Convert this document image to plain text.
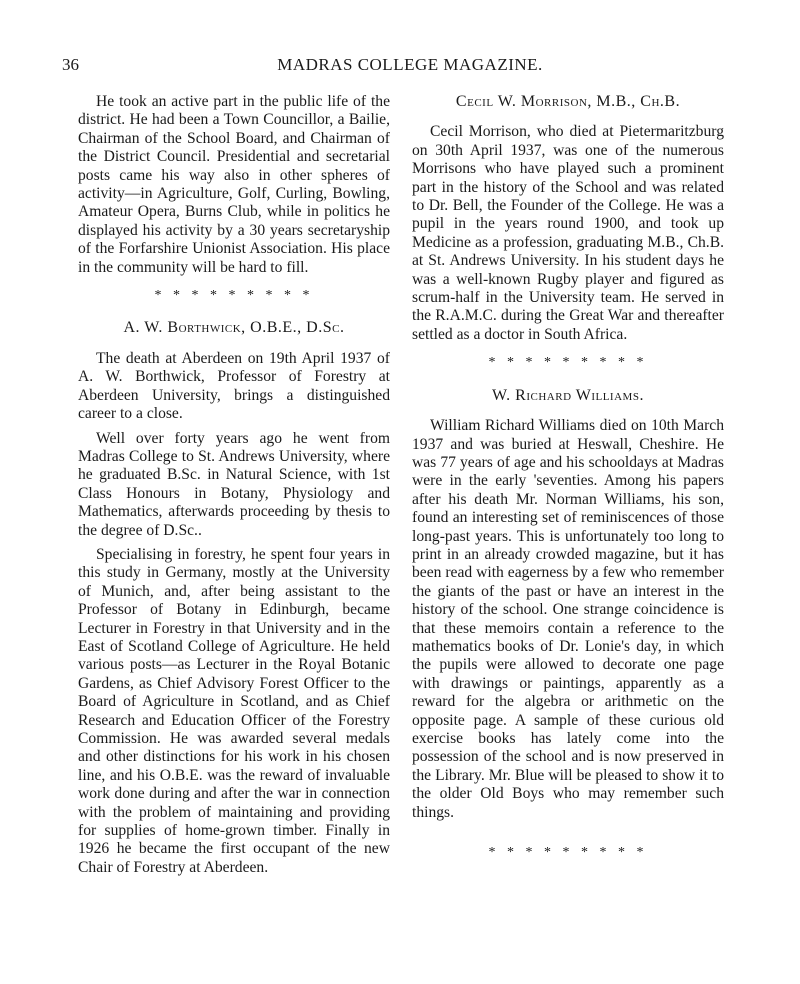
36	MADRAS COLLEGE MAGAZINE.

He took an active part in the public life of the district. He had been a Town Councillor, a Bailie, Chairman of the School Board, and Chairman of the District Council. Presidential and secretarial posts came his way also in other spheres of activity—in Agriculture, Golf, Curling, Bowling, Amateur Opera, Burns Club, while in politics he displayed his activity by a 30 years secretaryship of the Forfarshire Unionist Association. His place in the community will be hard to fill.

* * * * * * * * *
A. W. Borthwick, O.B.E., D.Sc.

The death at Aberdeen on 19th April 1937 of A. W. Borthwick, Professor of Forestry at Aberdeen University, brings a distinguished career to a close.

Well over forty years ago he went from Madras College to St. Andrews University, where he graduated B.Sc. in Natural Science, with 1st Class Honours in Botany, Physiology and Mathematics, afterwards proceeding by thesis to the degree of D.Sc..

Specialising in forestry, he spent four years in this study in Germany, mostly at the University of Munich, and, after being assistant to the Professor of Botany in Edinburgh, became Lecturer in Forestry in that University and in the East of Scotland College of Agriculture. He held various posts—as Lecturer in the Royal Botanic Gardens, as Chief Advisory Forest Officer to the Board of Agriculture in Scotland, and as Chief Research and Education Officer of the Forestry Commission. He was awarded several medals and other distinctions for his work in his chosen line, and his O.B.E. was the reward of invaluable work done during and after the war in connection with the problem of maintaining and providing for supplies of home-grown timber. Finally in 1926 he became the first occupant of the new Chair of Forestry at Aberdeen.

Cecil W. Morrison, M.B., Ch.B.

Cecil Morrison, who died at Pietermaritzburg on 30th April 1937, was one of the numerous Morrisons who have played such a prominent part in the history of the School and was related to Dr. Bell, the Founder of the College. He was a pupil in the years round 1900, and took up Medicine as a profession, graduating M.B., Ch.B. at St. Andrews University. In his student days he was a well-known Rugby player and figured as scrum-half in the University team. He served in the R.A.M.C. during the Great War and thereafter settled as a doctor in South Africa.

* * * * * * * * *
W. Richard Williams.

William Richard Williams died on 10th March 1937 and was buried at Heswall, Cheshire. He was 77 years of age and his schooldays at Madras were in the early 'seventies. Among his papers after his death Mr. Norman Williams, his son, found an interesting set of reminiscences of those long-past years. This is unfortunately too long to print in an already crowded magazine, but it has been read with eagerness by a few who remember the giants of the past or have an interest in the history of the school. One strange coincidence is that these memoirs contain a reference to the mathematics books of Dr. Lonie's day, in which the pupils were allowed to decorate one page with drawings or paintings, apparently as a reward for the algebra or arithmetic on the opposite page. A sample of these curious old exercise books has lately come into the possession of the school and is now preserved in the Library. Mr. Blue will be pleased to show it to the older Old Boys who may remember such things.

* * * * * * * * *
